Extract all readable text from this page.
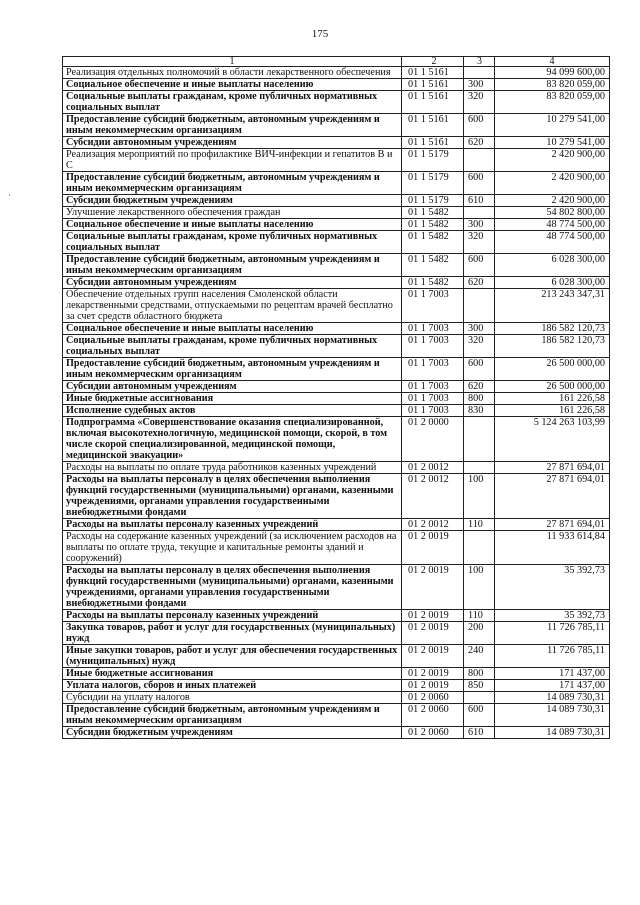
175
·
1	2	3	4
Реализация отдельных полномочий в области лекарственного обеспечения	01 1 5161		94 099 600,00
Социальное обеспечение и иные выплаты населению	01 1 5161	300	83 820 059,00
Социальные выплаты гражданам, кроме публичных нормативных социальных выплат	01 1 5161	320	83 820 059,00
Предоставление субсидий бюджетным, автономным учреждениям и иным некоммерческим организациям	01 1 5161	600	10 279 541,00
Субсидии автономным учреждениям	01 1 5161	620	10 279 541,00
Реализация мероприятий по профилактике ВИЧ-инфекции и гепатитов В и С	01 1 5179		2 420 900,00
Предоставление субсидий бюджетным, автономным учреждениям и иным некоммерческим организациям	01 1 5179	600	2 420 900,00
Субсидии бюджетным учреждениям	01 1 5179	610	2 420 900,00
Улучшение лекарственного обеспечения граждан	01 1 5482		54 802 800,00
Социальное обеспечение и иные выплаты населению	01 1 5482	300	48 774 500,00
Социальные выплаты гражданам, кроме публичных нормативных социальных выплат	01 1 5482	320	48 774 500,00
Предоставление субсидий бюджетным, автономным учреждениям и иным некоммерческим организациям	01 1 5482	600	6 028 300,00
Субсидии автономным учреждениям	01 1 5482	620	6 028 300,00
Обеспечение отдельных групп населения Смоленской области лекарственными средствами, отпускаемыми по рецептам врачей бесплатно за счет средств областного бюджета	01 1 7003		213 243 347,31
Социальное обеспечение и иные выплаты населению	01 1 7003	300	186 582 120,73
Социальные выплаты гражданам, кроме публичных нормативных социальных выплат	01 1 7003	320	186 582 120,73
Предоставление субсидий бюджетным, автономным учреждениям и иным некоммерческим организациям	01 1 7003	600	26 500 000,00
Субсидии автономным учреждениям	01 1 7003	620	26 500 000,00
Иные бюджетные ассигнования	01 1 7003	800	161 226,58
Исполнение судебных актов	01 1 7003	830	161 226,58
Подпрограмма «Совершенствование оказания специализированной, включая высокотехнологичную, медицинской помощи, скорой, в том числе скорой специализированной, медицинской помощи, медицинской эвакуации»	01 2 0000		5 124 263 103,99
Расходы на выплаты по оплате труда работников казенных учреждений	01 2 0012		27 871 694,01
Расходы на выплаты персоналу в целях обеспечения выполнения функций государственными (муниципальными) органами, казенными учреждениями, органами управления государственными внебюджетными фондами	01 2 0012	100	27 871 694,01
Расходы на выплаты персоналу казенных учреждений	01 2 0012	110	27 871 694,01
Расходы на содержание казенных учреждений (за исключением расходов на выплаты по оплате труда, текущие и капитальные ремонты зданий и сооружений)	01 2 0019		11 933 614,84
Расходы на выплаты персоналу в целях обеспечения выполнения функций государственными (муниципальными) органами, казенными учреждениями, органами управления государственными внебюджетными фондами	01 2 0019	100	35 392,73
Расходы на выплаты персоналу казенных учреждений	01 2 0019	110	35 392,73
Закупка товаров, работ и услуг для государственных (муниципальных) нужд	01 2 0019	200	11 726 785,11
Иные закупки товаров, работ и услуг для обеспечения государственных (муниципальных) нужд	01 2 0019	240	11 726 785,11
Иные бюджетные ассигнования	01 2 0019	800	171 437,00
Уплата налогов, сборов и иных платежей	01 2 0019	850	171 437,00
Субсидии на уплату налогов	01 2 0060		14 089 730,31
Предоставление субсидий бюджетным, автономным учреждениям и иным некоммерческим организациям	01 2 0060	600	14 089 730,31
Субсидии бюджетным учреждениям	01 2 0060	610	14 089 730,31
